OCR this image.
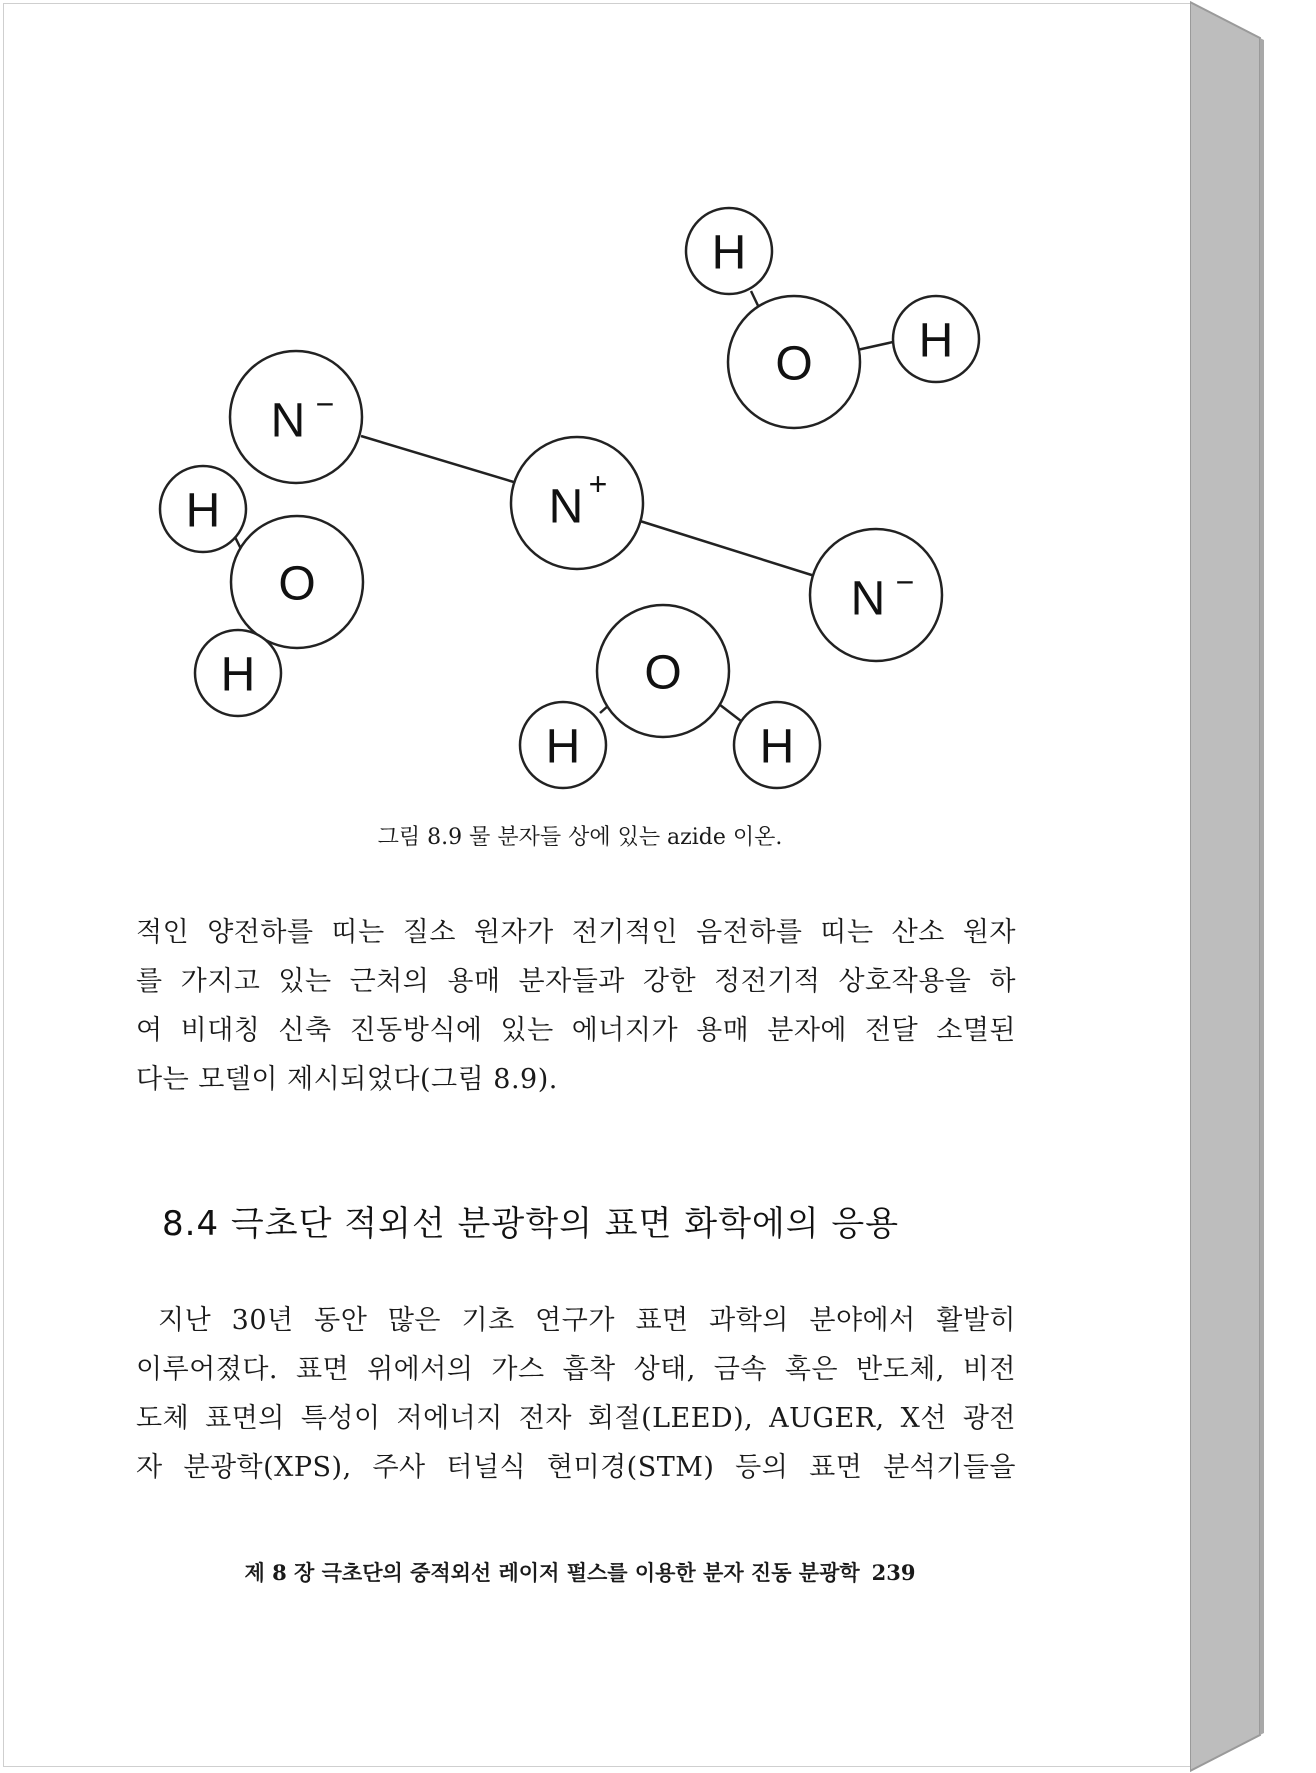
H
O H
N
N
N
H
O
H	O
H	H
−
+
−
그림 8.9 물 분자들 상에 있는 azide 이온.
적인 양전하를 띠는 질소 원자가 전기적인 음전하를 띠는 산소 원자
를 가지고 있는 근처의 용매 분자들과 강한 정전기적 상호작용을 하
여 비대칭 신축 진동방식에 있는 에너지가 용매 분자에 전달 소멸된
다는 모델이 제시되었다(그림 8.9).
8.4 극초단 적외선 분광학의 표면 화학에의 응용
지난 30년 동안 많은 기초 연구가 표면 과학의 분야에서 활발히
이루어졌다. 표면 위에서의 가스 흡착 상태, 금속 혹은 반도체, 비전
도체 표면의 특성이 저에너지 전자 회절(LEED), AUGER, X선 광전
자 분광학(XPS), 주사 터널식 현미경(STM) 등의 표면 분석기들을
제 8 장 극초단의 중적외선 레이저 펄스를 이용한 분자 진동 분광학 239
